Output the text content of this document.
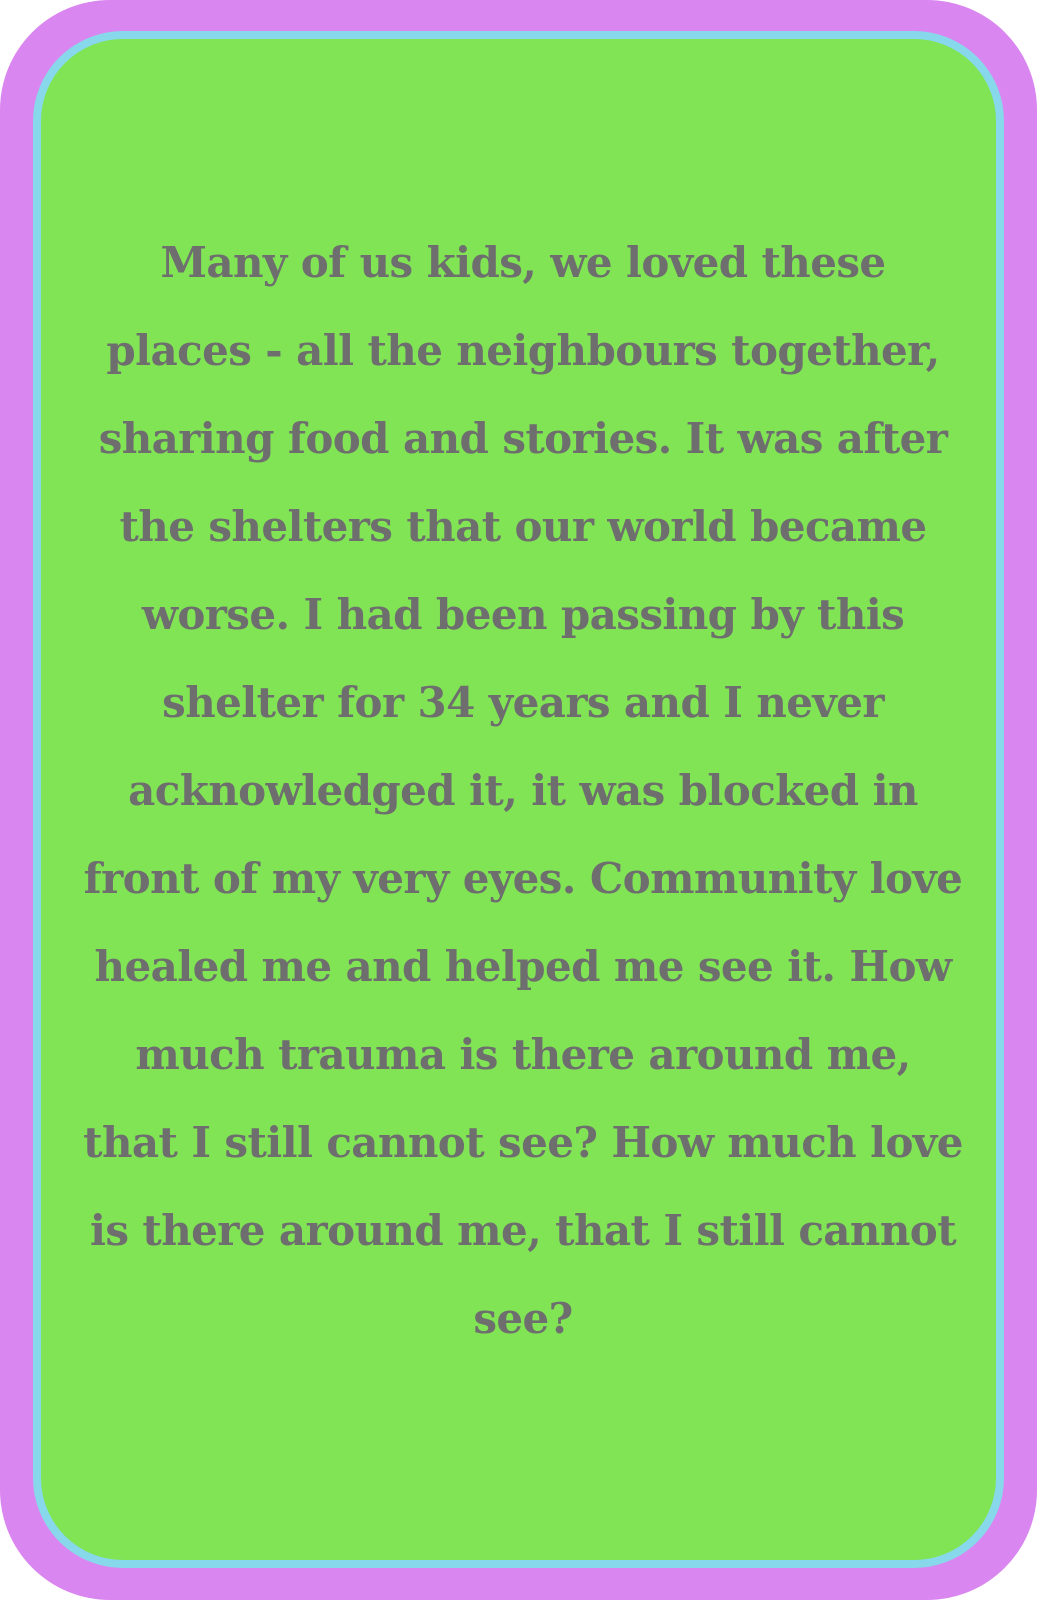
Many of us kids, we loved these places - all the neighbours together, sharing food and stories. It was after the shelters that our world became worse. I had been passing by this shelter for 34 years and I never acknowledged it, it was blocked in front of my very eyes. Community love healed me and helped me see it. How much trauma is there around me, that I still cannot see? How much love is there around me, that I still cannot see?
